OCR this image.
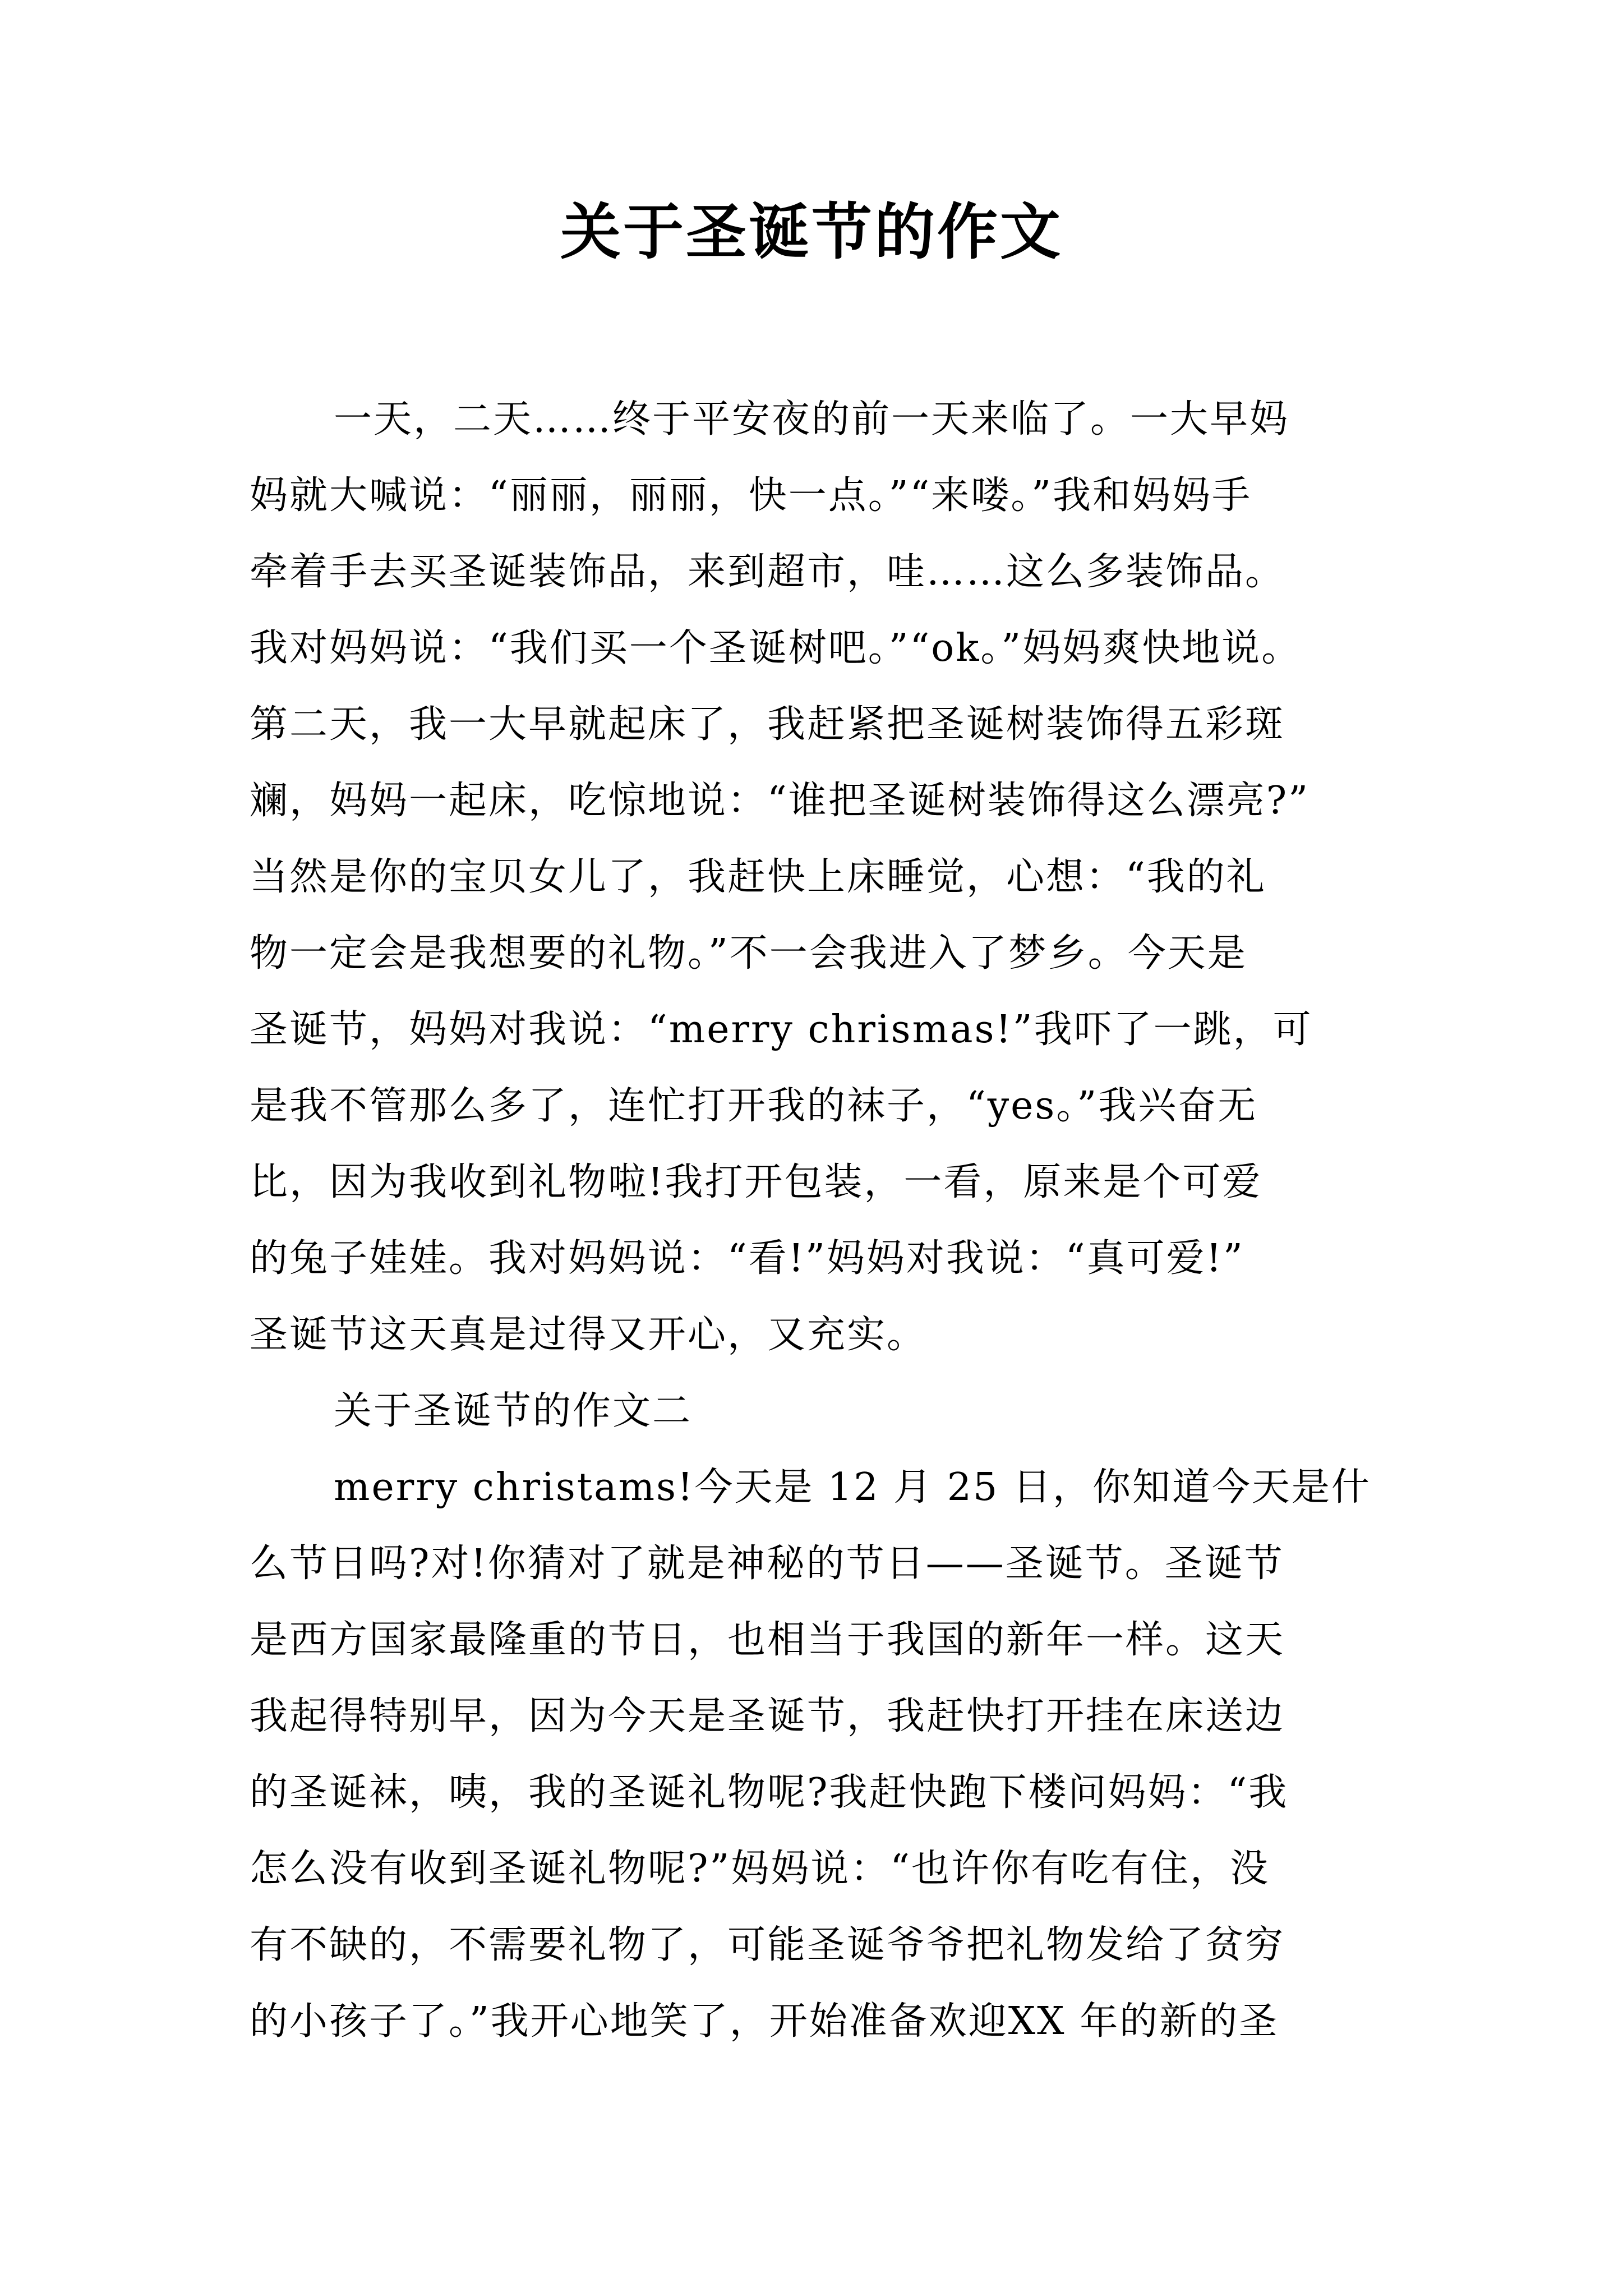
关于圣诞节的作文
一天，二天……终于平安夜的前一天来临了。一大早妈
妈就大喊说：“丽丽，丽丽，快一点。”“来喽。”我和妈妈手
牵着手去买圣诞装饰品，来到超市，哇……这么多装饰品。
我对妈妈说：“我们买一个圣诞树吧。”“ok。”妈妈爽快地说。
第二天，我一大早就起床了，我赶紧把圣诞树装饰得五彩斑
斓，妈妈一起床，吃惊地说：“谁把圣诞树装饰得这么漂亮?”
当然是你的宝贝女儿了，我赶快上床睡觉，心想：“我的礼
物一定会是我想要的礼物。”不一会我进入了梦乡。今天是
圣诞节，妈妈对我说：“merry chrismas!”我吓了一跳，可
是我不管那么多了，连忙打开我的袜子，“yes。”我兴奋无
比，因为我收到礼物啦!我打开包装，一看，原来是个可爱
的兔子娃娃。我对妈妈说：“看!”妈妈对我说：“真可爱!”
圣诞节这天真是过得又开心，又充实。
关于圣诞节的作文二
merry christams!今天是 12 月 25 日，你知道今天是什
么节日吗?对!你猜对了就是神秘的节日——圣诞节。圣诞节
是西方国家最隆重的节日，也相当于我国的新年一样。这天
我起得特别早，因为今天是圣诞节，我赶快打开挂在床送边
的圣诞袜，咦，我的圣诞礼物呢?我赶快跑下楼问妈妈：“我
怎么没有收到圣诞礼物呢?”妈妈说：“也许你有吃有住，没
有不缺的，不需要礼物了，可能圣诞爷爷把礼物发给了贫穷
的小孩子了。”我开心地笑了，开始准备欢迎XX 年的新的圣
